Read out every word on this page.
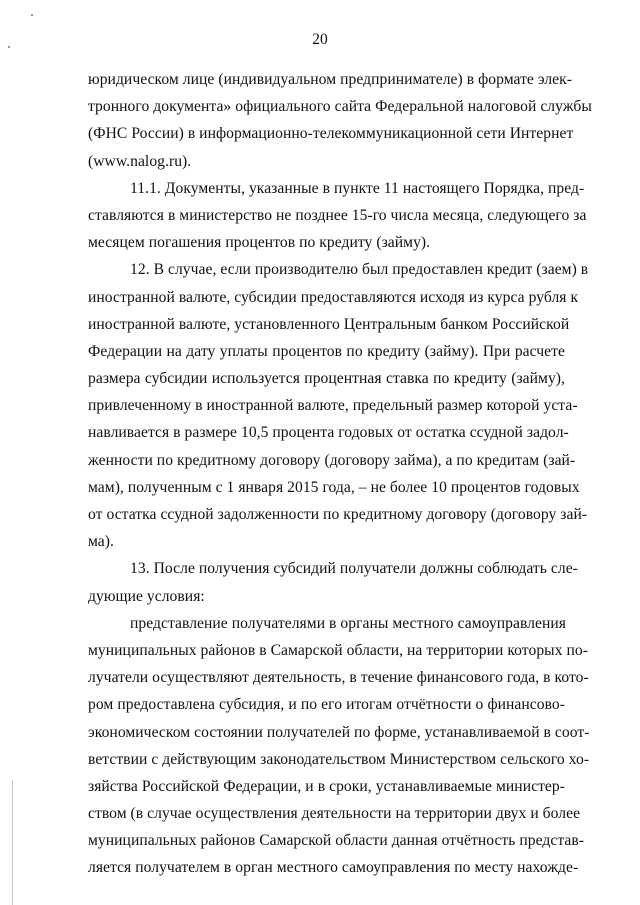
20
юридическом лице (индивидуальном предпринимателе) в формате элек-
тронного документа» официального сайта Федеральной налоговой службы
(ФНС России) в информационно-телекоммуникационной сети Интернет
(www.nalog.ru).
11.1. Документы, указанные в пункте 11 настоящего Порядка, пред-
ставляются в министерство не позднее 15-го числа месяца, следующего за
месяцем погашения процентов по кредиту (займу).
12. В случае, если производителю был предоставлен кредит (заем) в
иностранной валюте, субсидии предоставляются исходя из курса рубля к
иностранной валюте, установленного Центральным банком Российской
Федерации на дату уплаты процентов по кредиту (займу). При расчете
размера субсидии используется процентная ставка по кредиту (займу),
привлеченному в иностранной валюте, предельный размер которой уста-
навливается в размере 10,5 процента годовых от остатка ссудной задол-
женности по кредитному договору (договору займа), а по кредитам (зай-
мам), полученным с 1 января 2015 года, – не более 10 процентов годовых
от остатка ссудной задолженности по кредитному договору (договору зай-
ма).
13. После получения субсидий получатели должны соблюдать сле-
дующие условия:
представление получателями в органы местного самоуправления
муниципальных районов в Самарской области, на территории которых по-
лучатели осуществляют деятельность, в течение финансового года, в кото-
ром предоставлена субсидия, и по его итогам отчётности о финансово-
экономическом состоянии получателей по форме, устанавливаемой в соот-
ветствии с действующим законодательством Министерством сельского хо-
зяйства Российской Федерации, и в сроки, устанавливаемые министер-
ством (в случае осуществления деятельности на территории двух и более
муниципальных районов Самарской области данная отчётность представ-
ляется получателем в орган местного самоуправления по месту нахожде-
